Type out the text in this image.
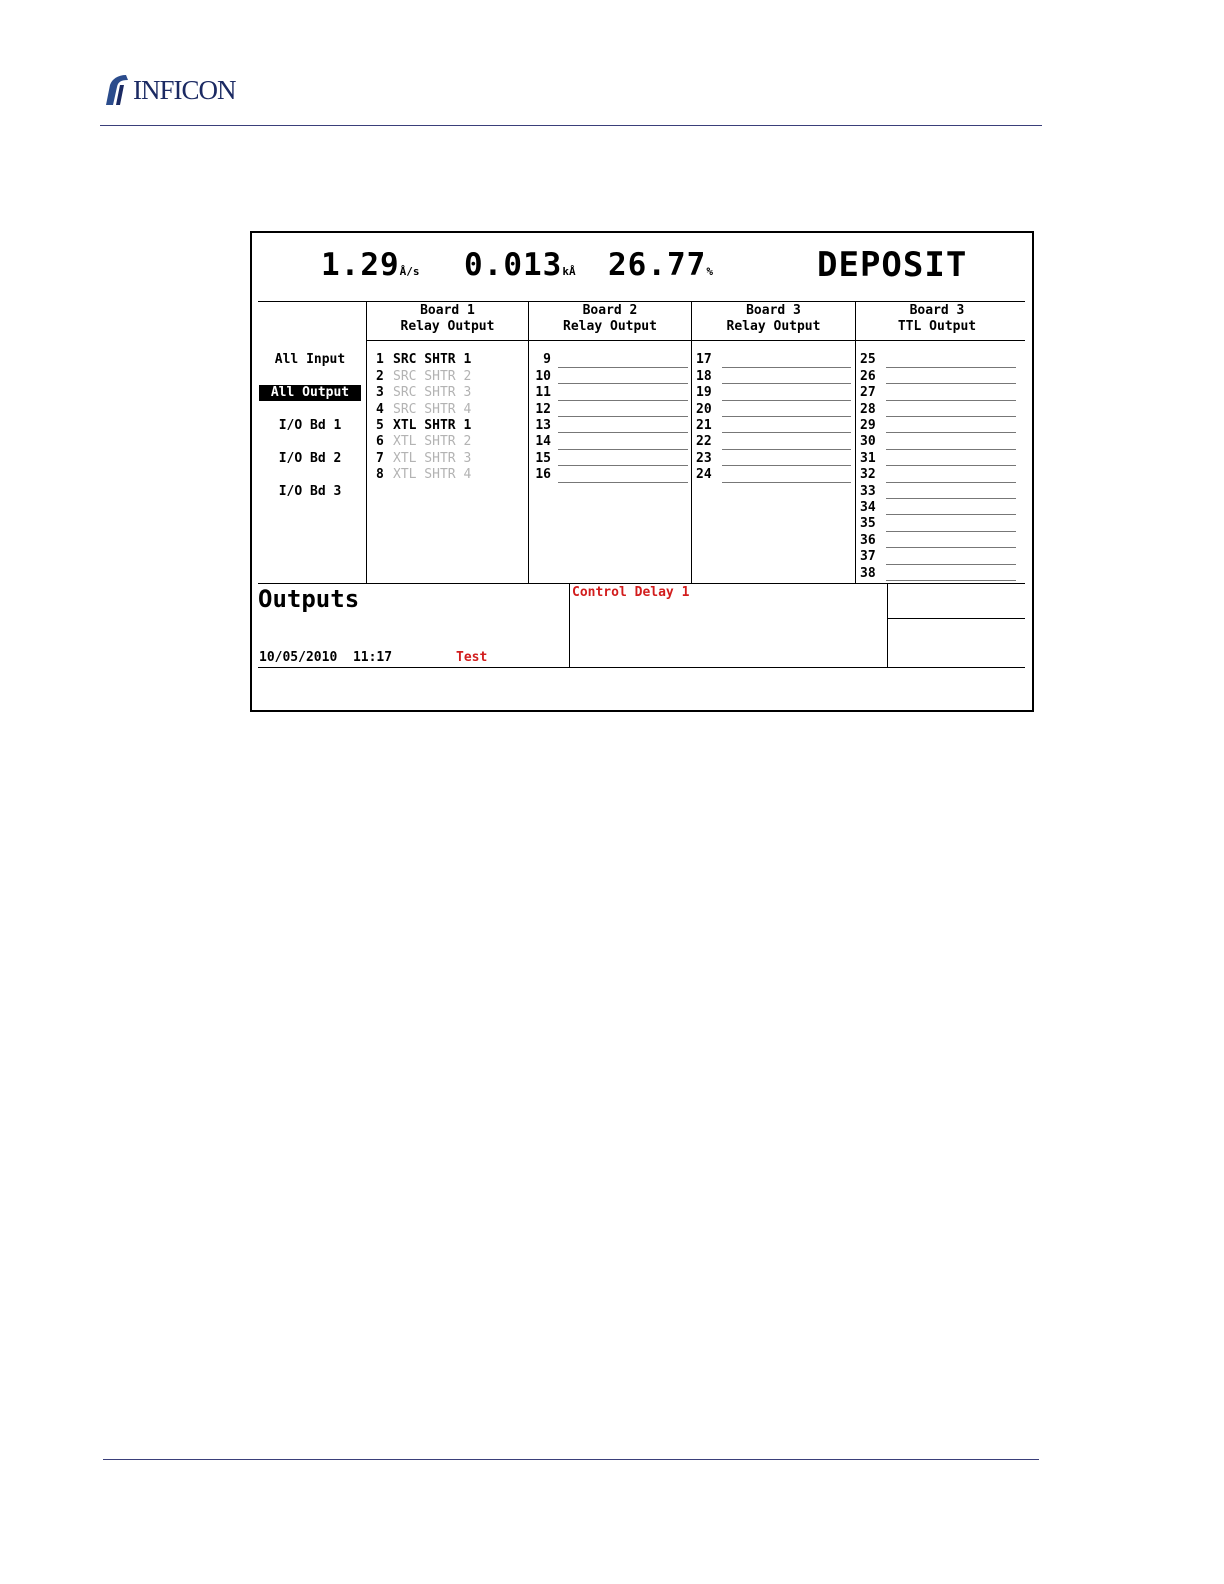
INFICON
1.29Å/s 0.013kÅ 26.77%	DEPOSIT
Board 1
Relay Output
Board 2
Relay Output
Board 3
Relay Output
Board 3
TTL Output
All Input
All Output
I/O Bd 1
I/O Bd 2
I/O Bd 3
1 SRC SHTR 1
2 SRC SHTR 2
3 SRC SHTR 3
4 SRC SHTR 4
5 XTL SHTR 1
6 XTL SHTR 2
7 XTL SHTR 3
8 XTL SHTR 4
9
10
11
12
13
14
15
16
17
18
19
20
21
22
23
24
25
26
27
28
29
30
31
32
33
34
35
36
37
38
Outputs
10/05/2010 11:17	Test
Control Delay 1
